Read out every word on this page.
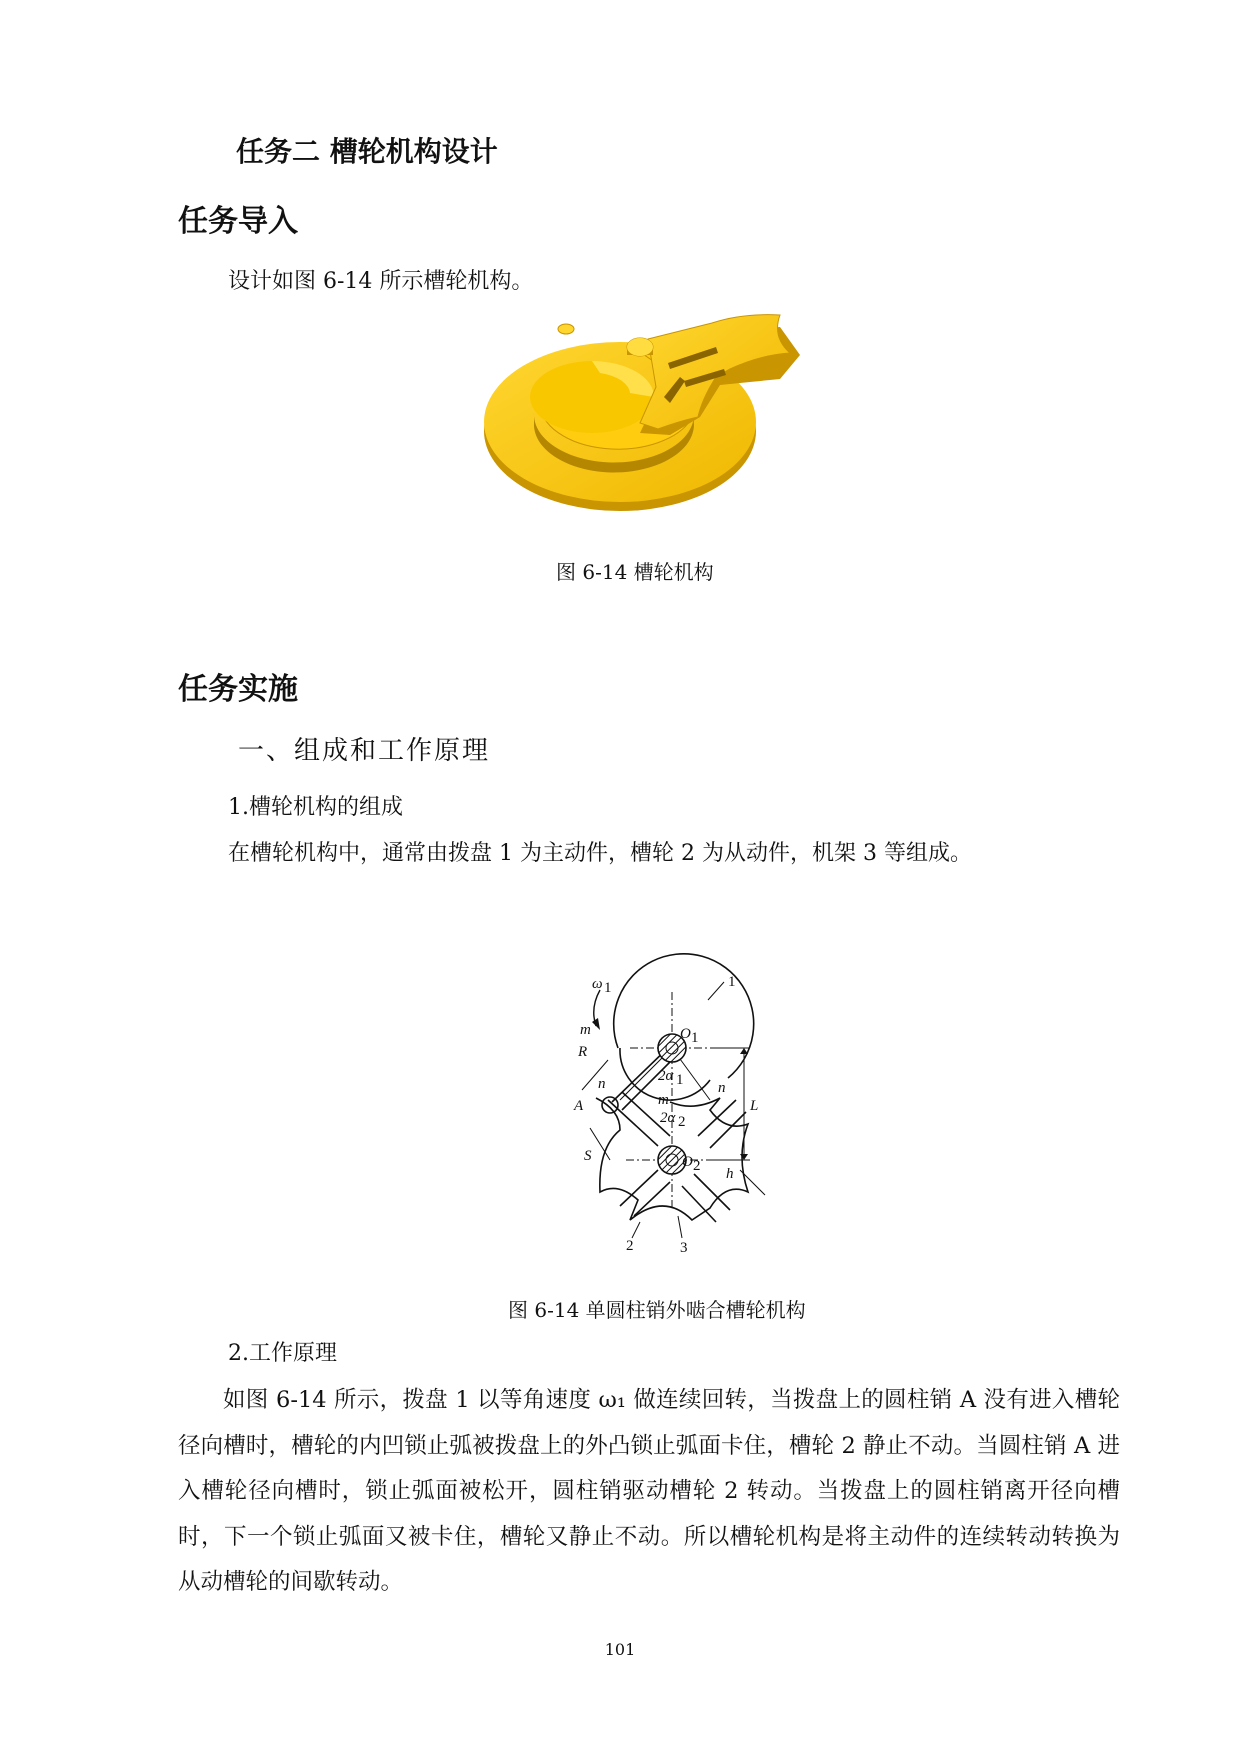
任务二 槽轮机构设计
任务导入
设计如图 6-14 所示槽轮机构。
图 6-14 槽轮机构
任务实施
一、组成和工作原理
1.槽轮机构的组成
在槽轮机构中，通常由拨盘 1 为主动件，槽轮 2 为从动件，机架 3 等组成。
ω 1
O 1
O 2
m
R
n
A
2α 1
m
2α 2
n
L
S
h
1
2	3
图 6-14 单圆柱销外啮合槽轮机构
2.工作原理

如图 6-14 所示，拨盘 1 以等角速度 ω₁ 做连续回转，当拨盘上的圆柱销 A 没有进入槽轮径向槽时，槽轮的内凹锁止弧被拨盘上的外凸锁止弧面卡住，槽轮 2 静止不动。当圆柱销 A 进入槽轮径向槽时，锁止弧面被松开，圆柱销驱动槽轮 2 转动。当拨盘上的圆柱销离开径向槽时，下一个锁止弧面又被卡住，槽轮又静止不动。所以槽轮机构是将主动件的连续转动转换为从动槽轮的间歇转动。

101
